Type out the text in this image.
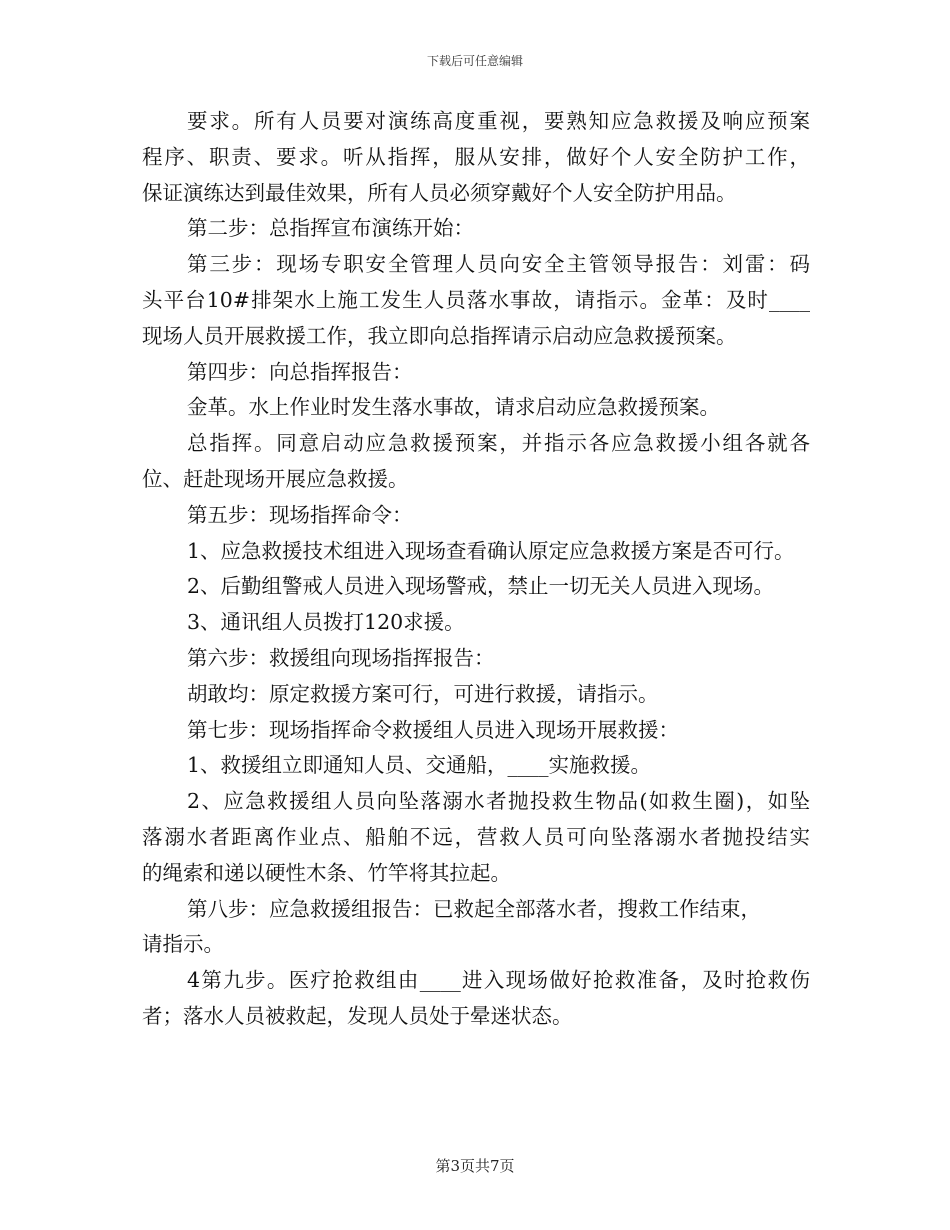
下载后可任意编辑
要求。所有人员要对演练高度重视，要熟知应急救援及响应预案
程序、职责、要求。听从指挥，服从安排，做好个人安全防护工作，
保证演练达到最佳效果，所有人员必须穿戴好个人安全防护用品。
第二步：总指挥宣布演练开始：
第三步：现场专职安全管理人员向安全主管领导报告：刘雷：码
头平台10#排架水上施工发生人员落水事故，请指示。金革：及时____
现场人员开展救援工作，我立即向总指挥请示启动应急救援预案。
第四步：向总指挥报告：
金革。水上作业时发生落水事故，请求启动应急救援预案。
总指挥。同意启动应急救援预案，并指示各应急救援小组各就各
位、赶赴现场开展应急救援。
第五步：现场指挥命令：
1、应急救援技术组进入现场查看确认原定应急救援方案是否可行。
2、后勤组警戒人员进入现场警戒，禁止一切无关人员进入现场。
3、通讯组人员拨打120求援。
第六步：救援组向现场指挥报告：
胡敢均：原定救援方案可行，可进行救援，请指示。
第七步：现场指挥命令救援组人员进入现场开展救援：
1、救援组立即通知人员、交通船，____实施救援。
2、应急救援组人员向坠落溺水者抛投救生物品(如救生圈)，如坠
落溺水者距离作业点、船舶不远，营救人员可向坠落溺水者抛投结实
的绳索和递以硬性木条、竹竿将其拉起。
第八步：应急救援组报告：已救起全部落水者，搜救工作结束，
请指示。
4第九步。医疗抢救组由____进入现场做好抢救准备，及时抢救伤
者；落水人员被救起，发现人员处于晕迷状态。
第3页共7页
